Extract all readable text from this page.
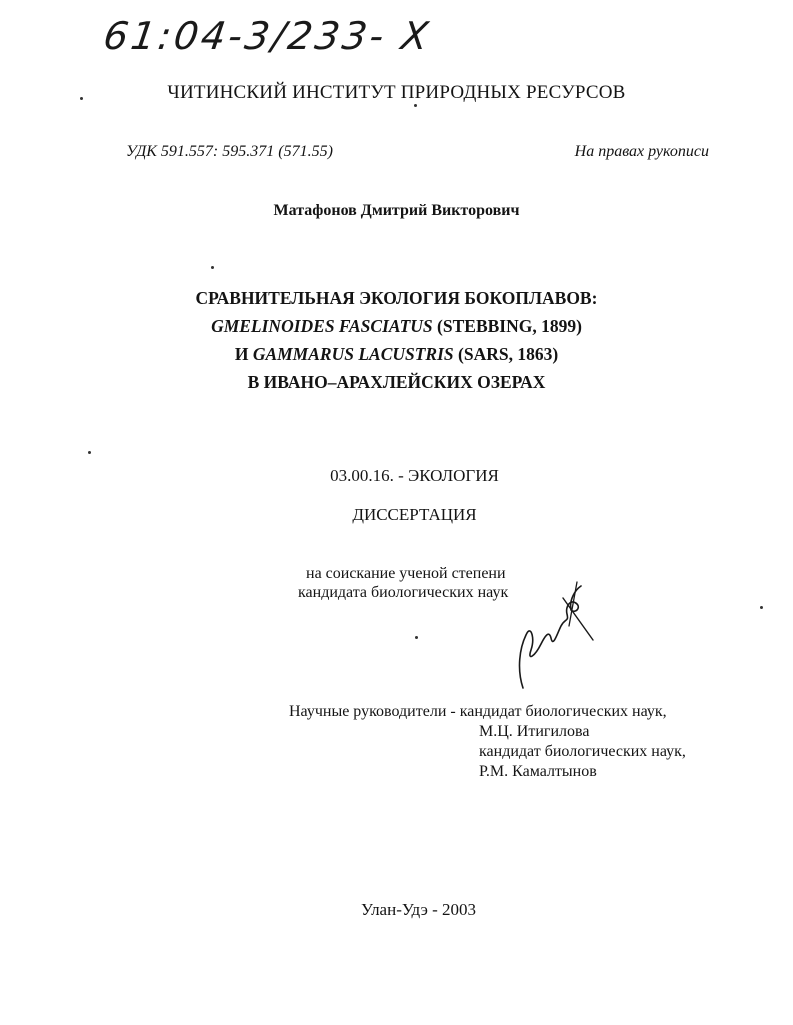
61:04-3/233- X
ЧИТИНСКИЙ ИНСТИТУТ ПРИРОДНЫХ РЕСУРСОВ
УДК 591.557: 595.371 (571.55)	На правах рукописи
Матафонов Дмитрий Викторович
СРАВНИТЕЛЬНАЯ ЭКОЛОГИЯ БОКОПЛАВОВ:
GMELINOIDES FASCIATUS (STEBBING, 1899)
И GAMMARUS LACUSTRIS (SARS, 1863)
В ИВАНО–АРАХЛЕЙСКИХ ОЗЕРАХ
03.00.16. - ЭКОЛОГИЯ
ДИССЕРТАЦИЯ
на соискание ученой степени
кандидата биологических наук
Научные руководители - кандидат биологических наук,
М.Ц. Итигилова
кандидат биологических наук,
Р.М. Камалтынов
Улан-Удэ - 2003
